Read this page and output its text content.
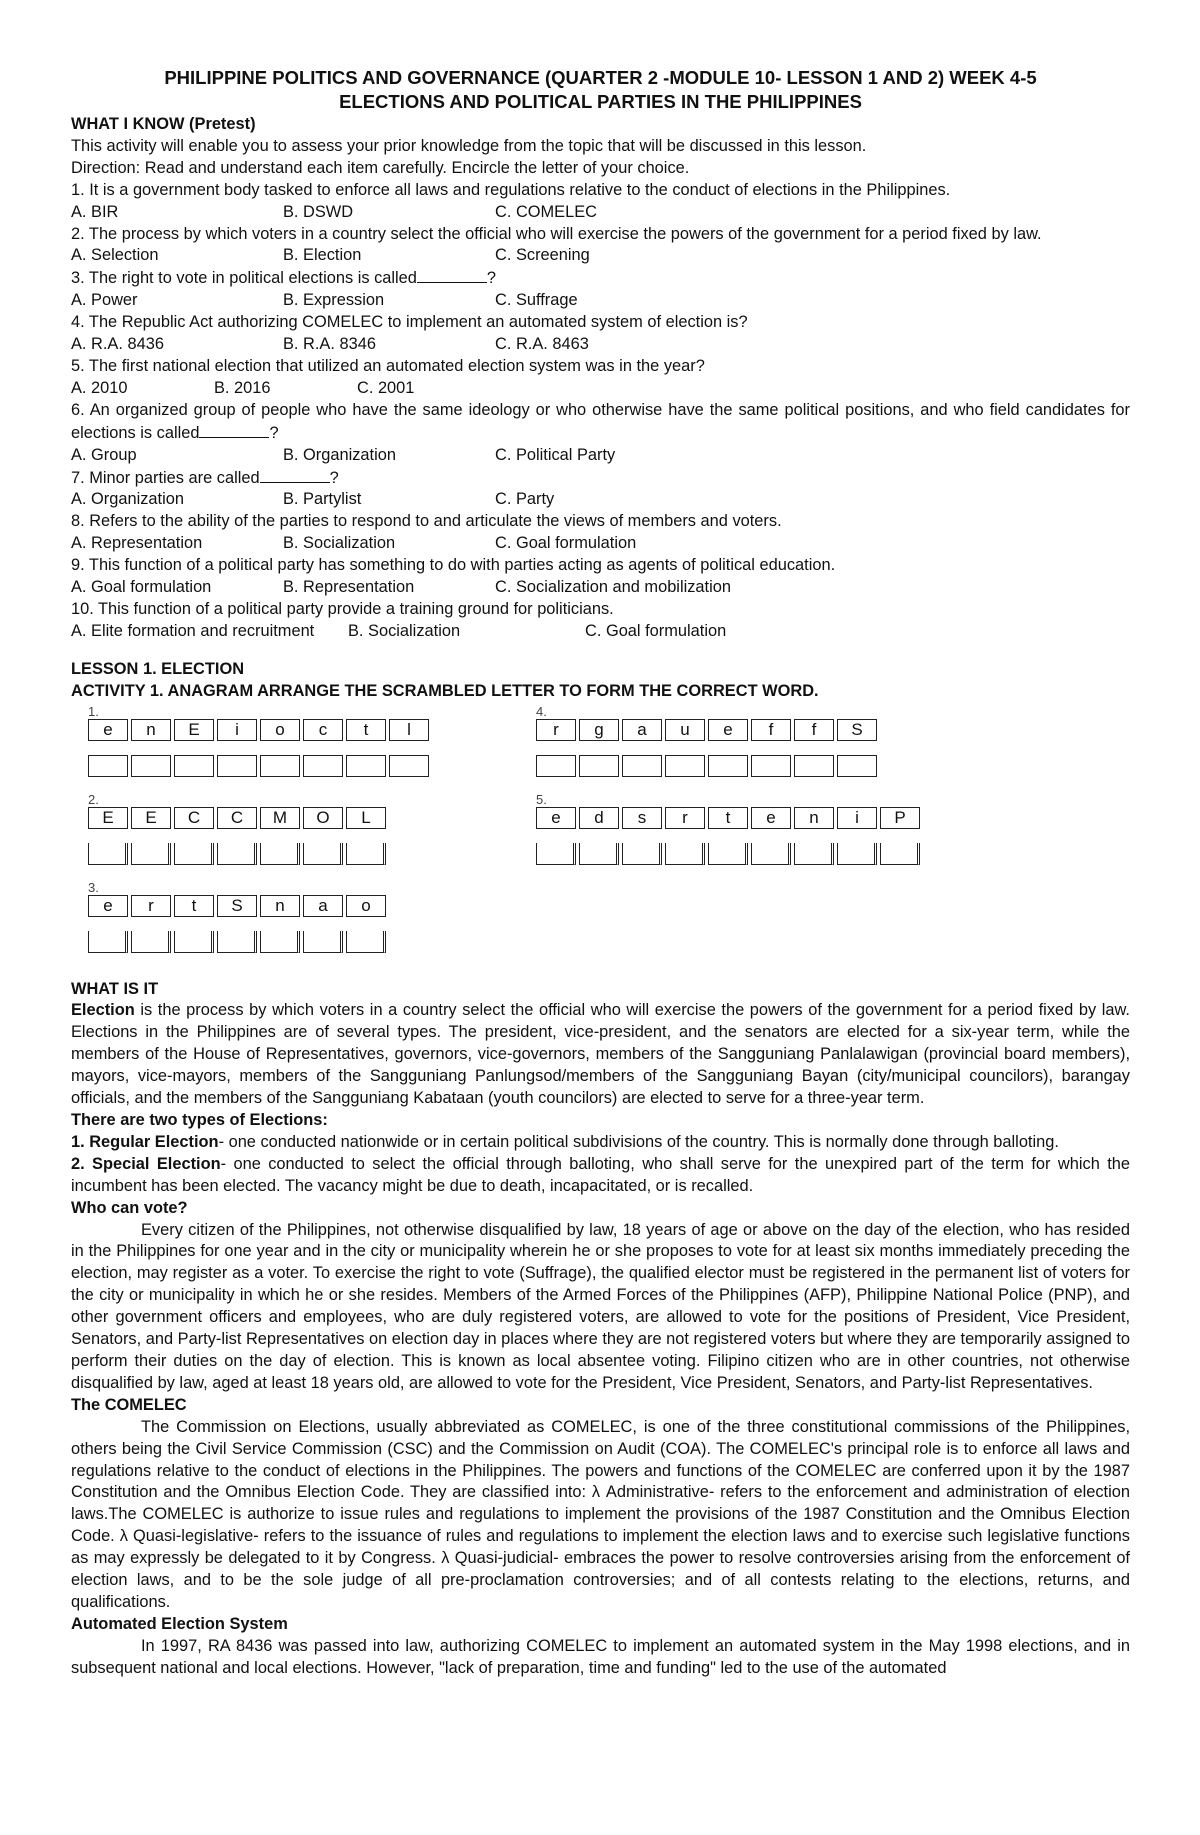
PHILIPPINE POLITICS AND GOVERNANCE (QUARTER 2 -MODULE 10- LESSON 1 AND 2) WEEK 4-5
ELECTIONS AND POLITICAL PARTIES IN THE PHILIPPINES
WHAT I KNOW (Pretest)
This activity will enable you to assess your prior knowledge from the topic that will be discussed in this lesson.
Direction: Read and understand each item carefully. Encircle the letter of your choice.
1. It is a government body tasked to enforce all laws and regulations relative to the conduct of elections in the Philippines.
A. BIR	B. DSWD	C. COMELEC
2. The process by which voters in a country select the official who will exercise the powers of the government for a period fixed by law.
A. Selection	B. Election	C. Screening
3. The right to vote in political elections is called	?
A. Power	B. Expression	C. Suffrage
4. The Republic Act authorizing COMELEC to implement an automated system of election is?
A. R.A. 8436	B. R.A. 8346	C. R.A. 8463
5. The first national election that utilized an automated election system was in the year?
A. 2010	B. 2016	C. 2001
6. An organized group of people who have the same ideology or who otherwise have the same political positions, and who field candidates for elections is called	?
A. Group	B. Organization	C. Political Party
7. Minor parties are called	?
A. Organization	B. Partylist	C. Party
8. Refers to the ability of the parties to respond to and articulate the views of members and voters.
A. Representation	B. Socialization	C. Goal formulation
9. This function of a political party has something to do with parties acting as agents of political education.
A. Goal formulation	B. Representation	C. Socialization and mobilization
10. This function of a political party provide a training ground for politicians.
A. Elite formation and recruitment	B. Socialization	C. Goal formulation
LESSON 1. ELECTION
ACTIVITY 1. ANAGRAM ARRANGE THE SCRAMBLED LETTER TO FORM THE CORRECT WORD.
1.
e	n	E	i	o	c	t	l
2.
E	E	C	C	M	O	L
3.
e	r	t	S	n	a	o
4.
r	g	a	u	e	f	f	S
5.
e	d	s	r	t	e	n	i	P
WHAT IS IT
Election is the process by which voters in a country select the official who will exercise the powers of the government for a period fixed by law. Elections in the Philippines are of several types. The president, vice-president, and the senators are elected for a six-year term, while the members of the House of Representatives, governors, vice-governors, members of the Sangguniang Panlalawigan (provincial board members), mayors, vice-mayors, members of the Sangguniang Panlungsod/members of the Sangguniang Bayan (city/municipal councilors), barangay officials, and the members of the Sangguniang Kabataan (youth councilors) are elected to serve for a three-year term.
There are two types of Elections:
1. Regular Election- one conducted nationwide or in certain political subdivisions of the country. This is normally done through balloting.
2. Special Election- one conducted to select the official through balloting, who shall serve for the unexpired part of the term for which the incumbent has been elected. The vacancy might be due to death, incapacitated, or is recalled.
Who can vote?
Every citizen of the Philippines, not otherwise disqualified by law, 18 years of age or above on the day of the election, who has resided in the Philippines for one year and in the city or municipality wherein he or she proposes to vote for at least six months immediately preceding the election, may register as a voter. To exercise the right to vote (Suffrage), the qualified elector must be registered in the permanent list of voters for the city or municipality in which he or she resides. Members of the Armed Forces of the Philippines (AFP), Philippine National Police (PNP), and other government officers and employees, who are duly registered voters, are allowed to vote for the positions of President, Vice President, Senators, and Party-list Representatives on election day in places where they are not registered voters but where they are temporarily assigned to perform their duties on the day of election. This is known as local absentee voting. Filipino citizen who are in other countries, not otherwise disqualified by law, aged at least 18 years old, are allowed to vote for the President, Vice President, Senators, and Party-list Representatives.
The COMELEC
The Commission on Elections, usually abbreviated as COMELEC, is one of the three constitutional commissions of the Philippines, others being the Civil Service Commission (CSC) and the Commission on Audit (COA). The COMELEC's principal role is to enforce all laws and regulations relative to the conduct of elections in the Philippines. The powers and functions of the COMELEC are conferred upon it by the 1987 Constitution and the Omnibus Election Code. They are classified into: λ Administrative- refers to the enforcement and administration of election laws.The COMELEC is authorize to issue rules and regulations to implement the provisions of the 1987 Constitution and the Omnibus Election Code. λ Quasi-legislative- refers to the issuance of rules and regulations to implement the election laws and to exercise such legislative functions as may expressly be delegated to it by Congress. λ Quasi-judicial- embraces the power to resolve controversies arising from the enforcement of election laws, and to be the sole judge of all pre-proclamation controversies; and of all contests relating to the elections, returns, and qualifications.
Automated Election System
In 1997, RA 8436 was passed into law, authorizing COMELEC to implement an automated system in the May 1998 elections, and in subsequent national and local elections. However, "lack of preparation, time and funding" led to the use of the automated
